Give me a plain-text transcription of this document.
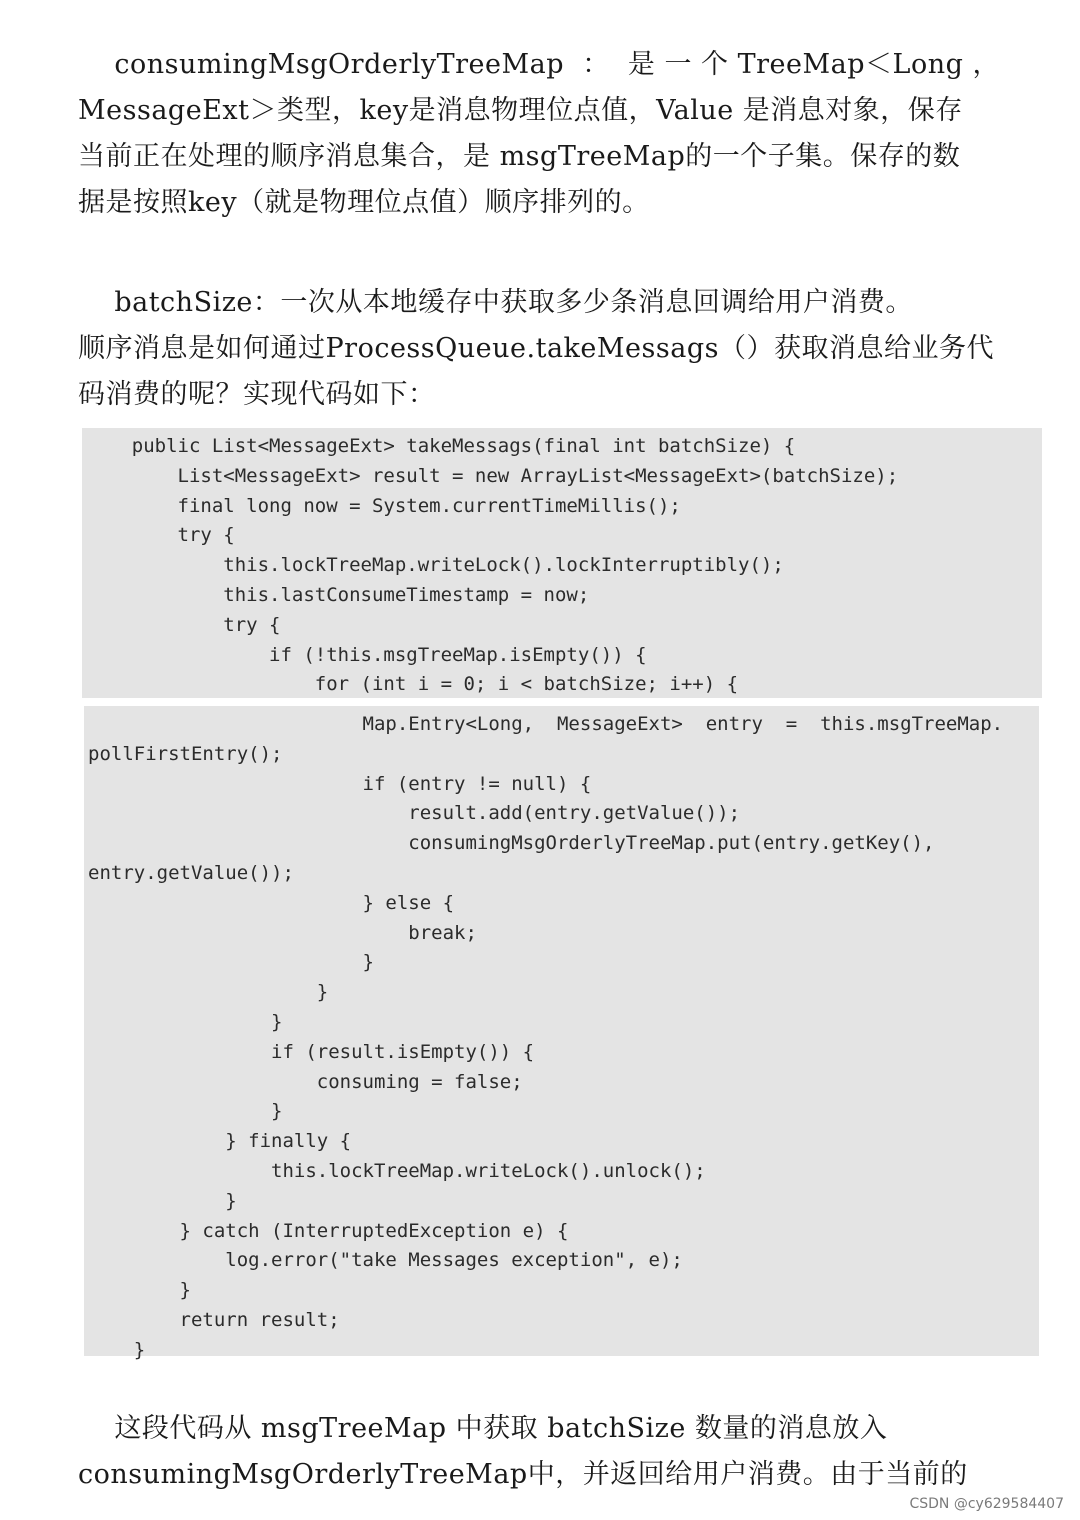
consumingMsgOrderlyTreeMap  ：  是 一 个 TreeMap＜Long ，
MessageExt＞类型，key是消息物理位点值，Value 是消息对象，保存
当前正在处理的顺序消息集合，是 msgTreeMap的一个子集。保存的数
据是按照key（就是物理位点值）顺序排列的。
batchSize：一次从本地缓存中获取多少条消息回调给用户消费。
顺序消息是如何通过ProcessQueue.takeMessags（）获取消息给业务代
码消费的呢？实现代码如下：
public List<MessageExt> takeMessags(final int batchSize) {
List<MessageExt> result = new ArrayList<MessageExt>(batchSize);
final long now = System.currentTimeMillis();
try {
this.lockTreeMap.writeLock().lockInterruptibly();
this.lastConsumeTimestamp = now;
try {
if (!this.msgTreeMap.isEmpty()) {
for (int i = 0; i < batchSize; i++) {
Map.Entry<Long,  MessageExt>  entry  =  this.msgTreeMap.
pollFirstEntry();
if (entry != null) {
result.add(entry.getValue());
consumingMsgOrderlyTreeMap.put(entry.getKey(),
entry.getValue());
} else {
break;
}
}
}
if (result.isEmpty()) {
consuming = false;
}
} finally {
this.lockTreeMap.writeLock().unlock();
}
} catch (InterruptedException e) {
log.error("take Messages exception", e);
}
return result;
}
这段代码从 msgTreeMap 中获取 batchSize 数量的消息放入
consumingMsgOrderlyTreeMap中，并返回给用户消费。由于当前的
CSDN @cy629584407
